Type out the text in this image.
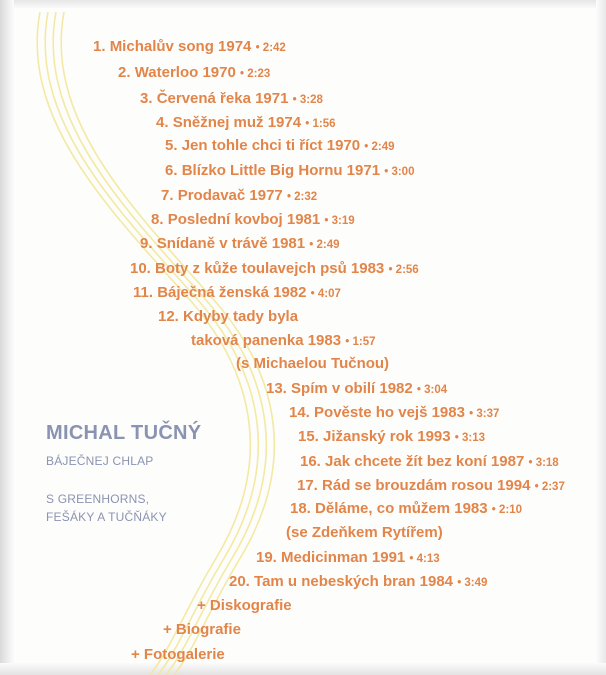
MICHAL TUČNÝ
BÁJEČNEJ CHLAP
S GREENHORNS,
FEŠÁKY A TUČŇÁKY
1. Michalův song 1974 • 2:42
2. Waterloo 1970 • 2:23
3. Červená řeka 1971 • 3:28
4. Sněžnej muž 1974 • 1:56
5. Jen tohle chci ti říct 1970 • 2:49
6. Blízko Little Big Hornu 1971 • 3:00
7. Prodavač 1977 • 2:32
8. Poslední kovboj 1981 • 3:19
9. Snídaně v trávě 1981 • 2:49
10. Boty z kůže toulavejch psů 1983 • 2:56
11. Báječná ženská 1982 • 4:07
12. Kdyby tady byla
taková panenka 1983 • 1:57
(s Michaelou Tučnou)
13. Spím v obilí 1982 • 3:04
14. Pověste ho vejš 1983 • 3:37
15. Jižanský rok 1993 • 3:13
16. Jak chcete žít bez koní 1987 • 3:18
17. Rád se brouzdám rosou 1994 • 2:37
18. Děláme, co můžem 1983 • 2:10
(se Zdeňkem Rytířem)
19. Medicinman 1991 • 4:13
20. Tam u nebeských bran 1984 • 3:49
+ Diskografie
+ Biografie
+ Fotogalerie
